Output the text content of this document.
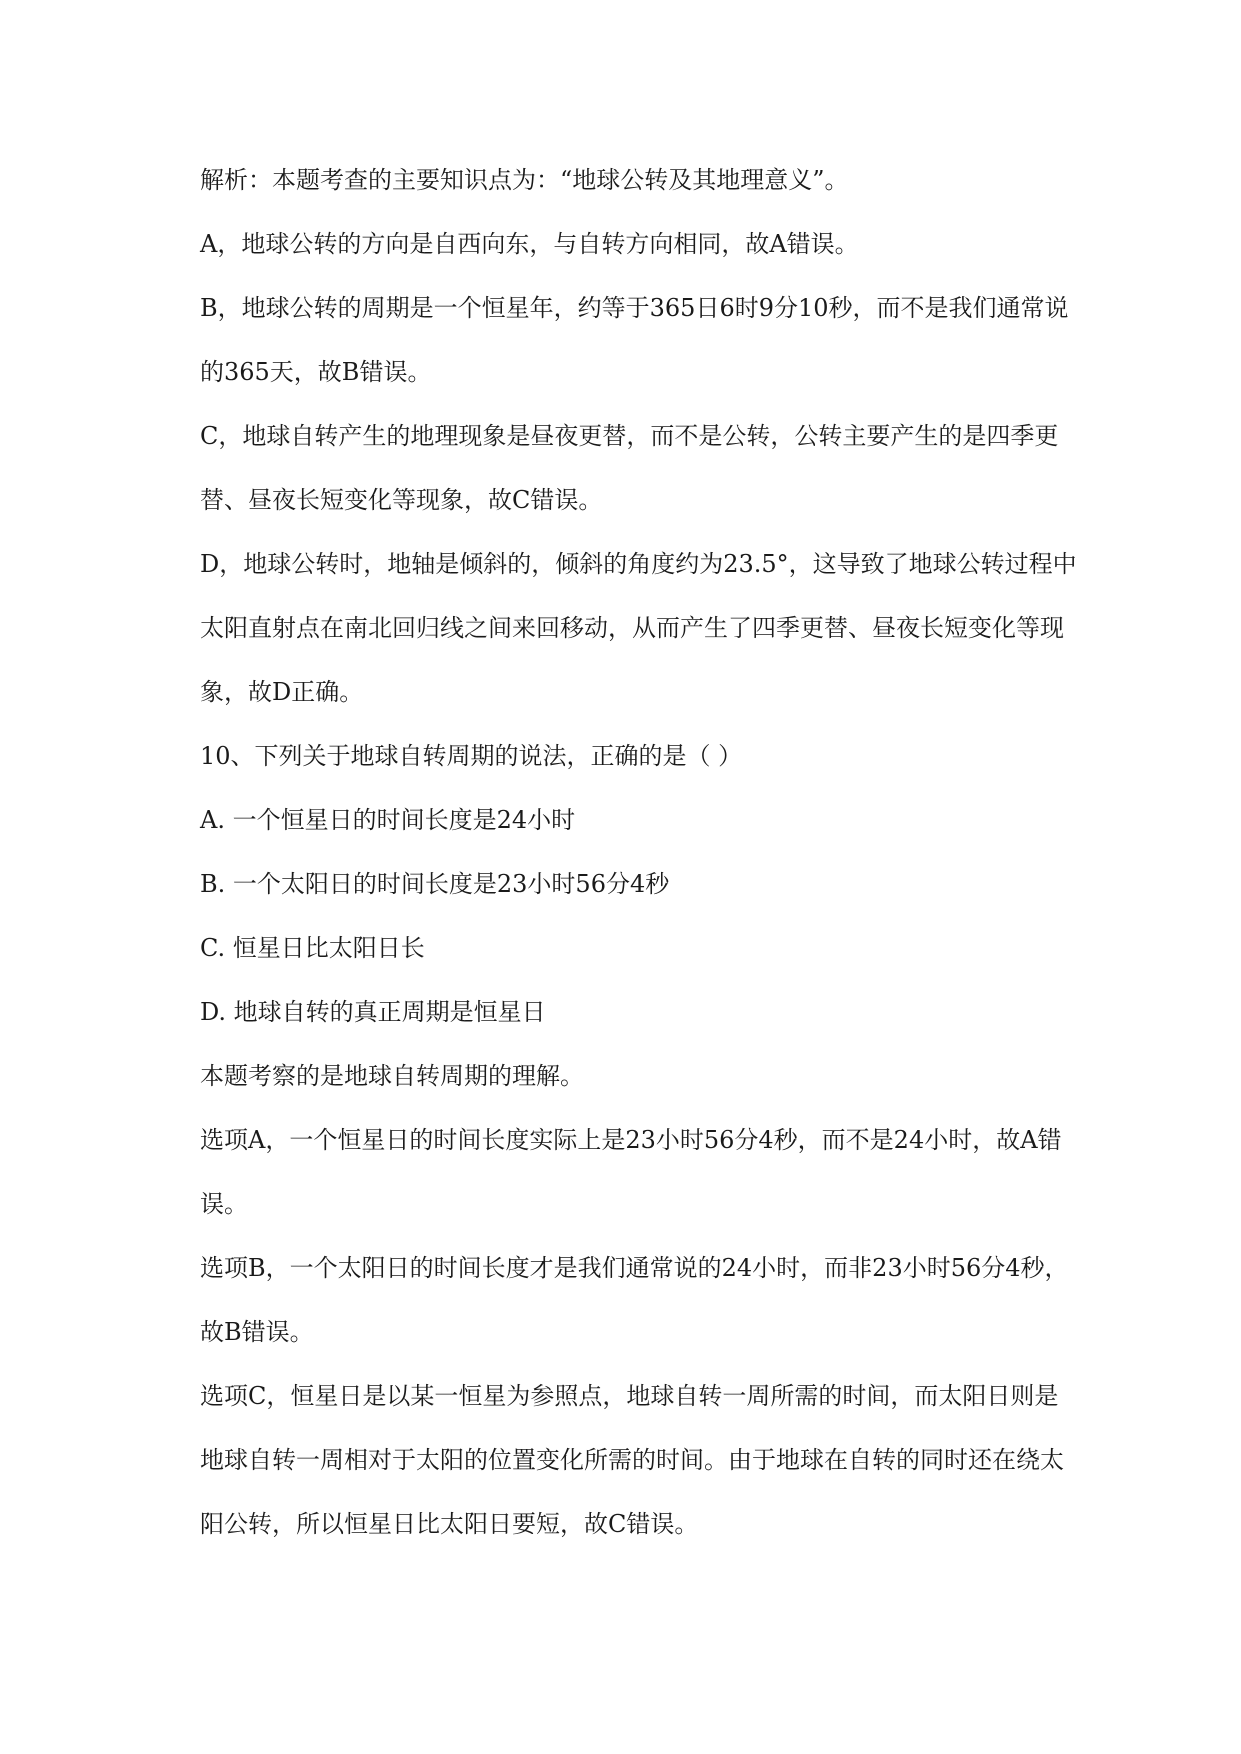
解析：本题考查的主要知识点为：“地球公转及其地理意义”。

A，地球公转的方向是自西向东，与自转方向相同，故A错误。

B，地球公转的周期是一个恒星年，约等于365日6时9分10秒，而不是我们通常说的365天，故B错误。

C，地球自转产生的地理现象是昼夜更替，而不是公转，公转主要产生的是四季更替、昼夜长短变化等现象，故C错误。

D，地球公转时，地轴是倾斜的，倾斜的角度约为23.5°，这导致了地球公转过程中太阳直射点在南北回归线之间来回移动，从而产生了四季更替、昼夜长短变化等现象，故D正确。

10、下列关于地球自转周期的说法，正确的是（ ）

A. 一个恒星日的时间长度是24小时

B. 一个太阳日的时间长度是23小时56分4秒

C. 恒星日比太阳日长

D. 地球自转的真正周期是恒星日

本题考察的是地球自转周期的理解。

选项A，一个恒星日的时间长度实际上是23小时56分4秒，而不是24小时，故A错误。

选项B，一个太阳日的时间长度才是我们通常说的24小时，而非23小时56分4秒，故B错误。

选项C，恒星日是以某一恒星为参照点，地球自转一周所需的时间，而太阳日则是地球自转一周相对于太阳的位置变化所需的时间。由于地球在自转的同时还在绕太阳公转，所以恒星日比太阳日要短，故C错误。
